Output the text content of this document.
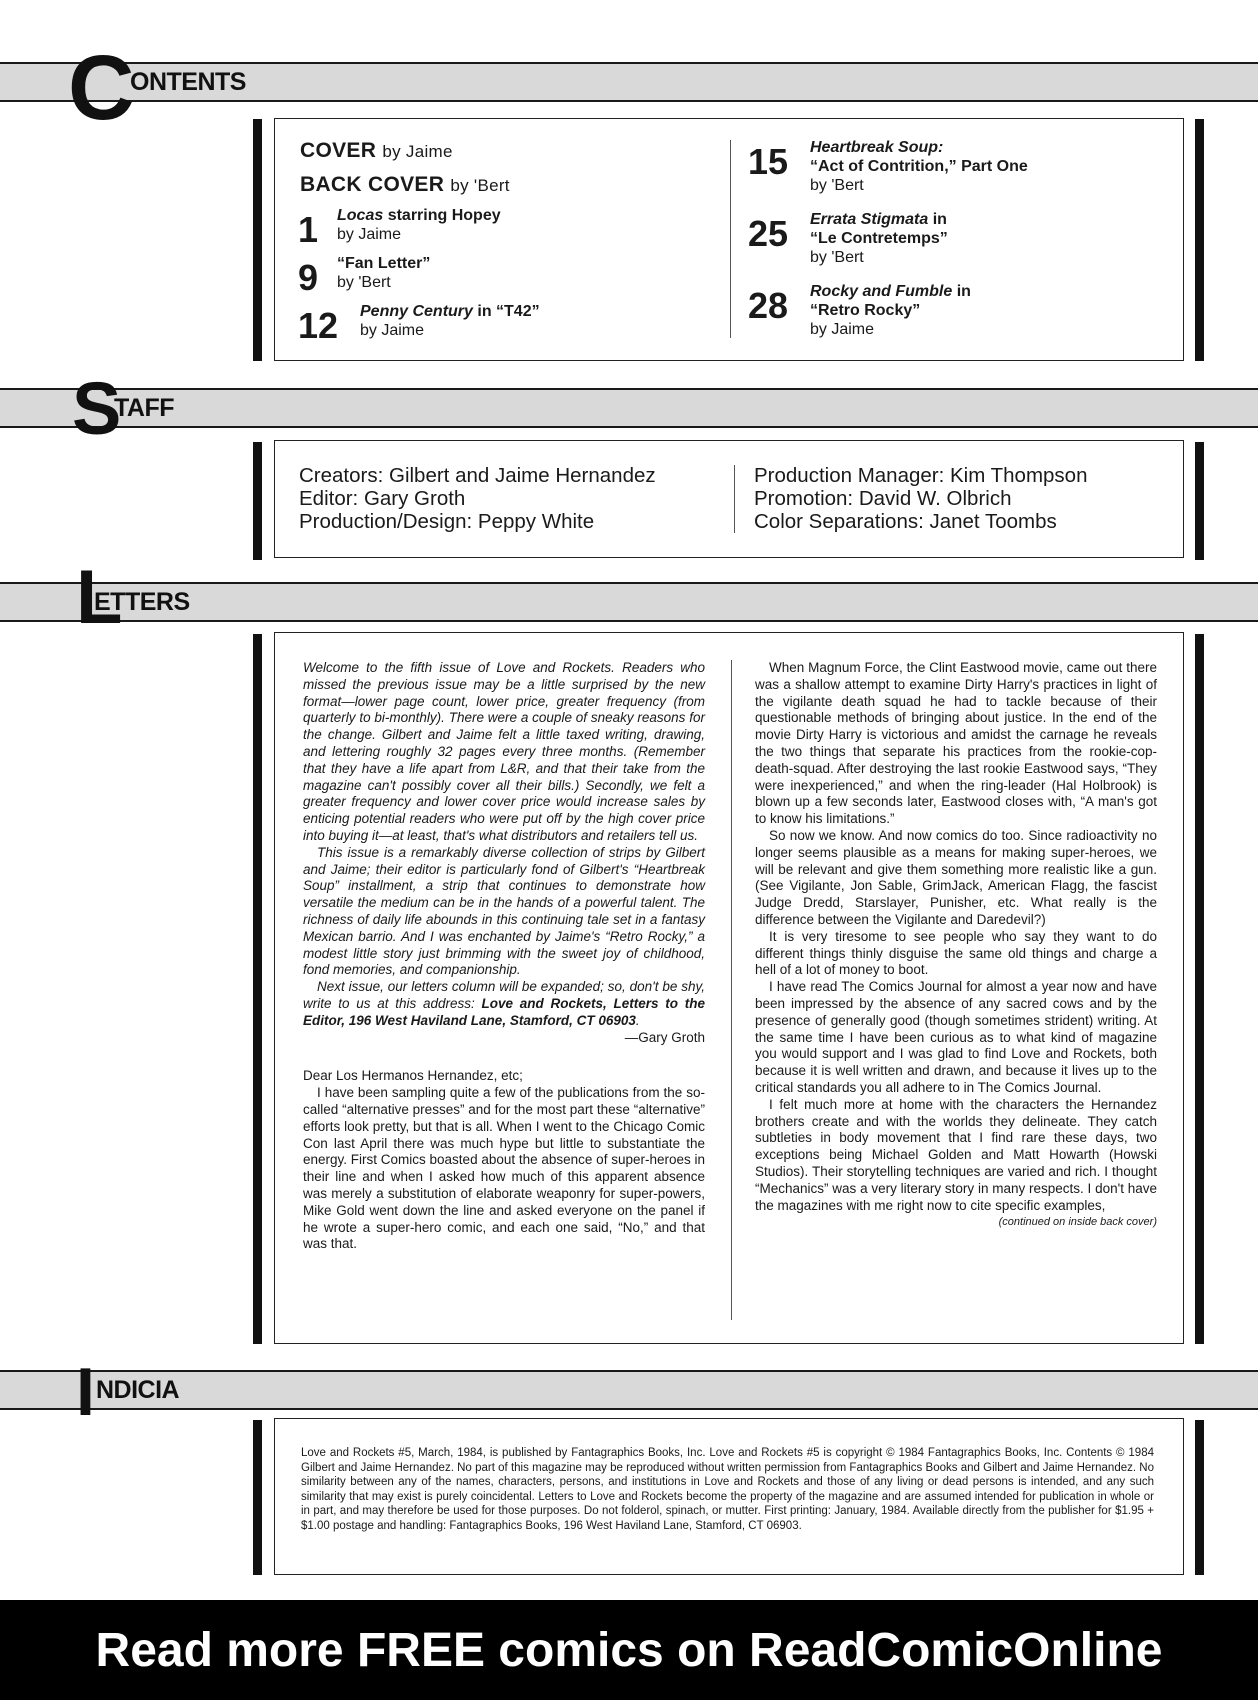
C ONTENTS
COVER by Jaime
BACK COVER by 'Bert
1 Locas starring Hopey
by Jaime
9 “Fan Letter”
by 'Bert
12 Penny Century in “T42”
by Jaime
15 Heartbreak Soup:
“Act of Contrition,” Part One
by 'Bert
25 Errata Stigmata in
“Le Contretemps”
by 'Bert
28 Rocky and Fumble in
“Retro Rocky”
by Jaime
S
TAFF
Creators: Gilbert and Jaime Hernandez
Editor: Gary Groth
Production/Design: Peppy White
Production Manager: Kim Thompson
Promotion: David W. Olbrich
Color Separations: Janet Toombs
L
ETTERS

Welcome to the fifth issue of Love and Rockets. Readers who missed the previous issue may be a little surprised by the new format—lower page count, lower price, greater frequency (from quarterly to bi-monthly). There were a couple of sneaky reasons for the change. Gilbert and Jaime felt a little taxed writing, drawing, and lettering roughly 32 pages every three months. (Remember that they have a life apart from L&R, and that their take from the magazine can't possibly cover all their bills.) Secondly, we felt a greater frequency and lower cover price would increase sales by enticing potential readers who were put off by the high cover price into buying it—at least, that's what distributors and retailers tell us.

This issue is a remarkably diverse collection of strips by Gilbert and Jaime; their editor is particularly fond of Gilbert's “Heartbreak Soup” installment, a strip that continues to demonstrate how versatile the medium can be in the hands of a powerful talent. The richness of daily life abounds in this continuing tale set in a fantasy Mexican barrio. And I was enchanted by Jaime's “Retro Rocky,” a modest little story just brimming with the sweet joy of childhood, fond memories, and companionship.

Next issue, our letters column will be expanded; so, don't be shy, write to us at this address: Love and Rockets, Letters to the Editor, 196 West Haviland Lane, Stamford, CT 06903.

—Gary Groth

Dear Los Hermanos Hernandez, etc;

I have been sampling quite a few of the publications from the so-called “alternative presses” and for the most part these “alternative” efforts look pretty, but that is all. When I went to the Chicago Comic Con last April there was much hype but little to substantiate the energy. First Comics boasted about the absence of super-heroes in their line and when I asked how much of this apparent absence was merely a substitution of elaborate weaponry for super-powers, Mike Gold went down the line and asked everyone on the panel if he wrote a super-hero comic, and each one said, “No,” and that was that.

When Magnum Force, the Clint Eastwood movie, came out there was a shallow attempt to examine Dirty Harry's practices in light of the vigilante death squad he had to tackle because of their questionable methods of bringing about justice. In the end of the movie Dirty Harry is victorious and amidst the carnage he reveals the two things that separate his practices from the rookie-cop-death-squad. After destroying the last rookie Eastwood says, “They were inexperienced,” and when the ring-leader (Hal Holbrook) is blown up a few seconds later, Eastwood closes with, “A man's got to know his limitations.”

So now we know. And now comics do too. Since radioactivity no longer seems plausible as a means for making super-heroes, we will be relevant and give them something more realistic like a gun. (See Vigilante, Jon Sable, GrimJack, American Flagg, the fascist Judge Dredd, Starslayer, Punisher, etc. What really is the difference between the Vigilante and Daredevil?)

It is very tiresome to see people who say they want to do different things thinly disguise the same old things and charge a hell of a lot of money to boot.

I have read The Comics Journal for almost a year now and have been impressed by the absence of any sacred cows and by the presence of generally good (though sometimes strident) writing. At the same time I have been curious as to what kind of magazine you would support and I was glad to find Love and Rockets, both because it is well written and drawn, and because it lives up to the critical standards you all adhere to in The Comics Journal.

I felt much more at home with the characters the Hernandez brothers create and with the worlds they delineate. They catch subtleties in body movement that I find rare these days, two exceptions being Michael Golden and Matt Howarth (Howski Studios). Their storytelling techniques are varied and rich. I thought “Mechanics” was a very literary story in many respects. I don't have the magazines with me right now to cite specific examples,

(continued on inside back cover)

I NDICIA
Love and Rockets #5, March, 1984, is published by Fantagraphics Books, Inc. Love and Rockets #5 is copyright © 1984 Fantagraphics Books, Inc. Contents © 1984 Gilbert and Jaime Hernandez. No part of this magazine may be reproduced without written permission from Fantagraphics Books and Gilbert and Jaime Hernandez. No similarity between any of the names, characters, persons, and institutions in Love and Rockets and those of any living or dead persons is intended, and any such similarity that may exist is purely coincidental. Letters to Love and Rockets become the property of the magazine and are assumed intended for publication in whole or in part, and may therefore be used for those purposes. Do not folderol, spinach, or mutter. First printing: January, 1984. Available directly from the publisher for $1.95 + $1.00 postage and handling: Fantagraphics Books, 196 West Haviland Lane, Stamford, CT 06903.
Read more FREE comics on ReadComicOnline
